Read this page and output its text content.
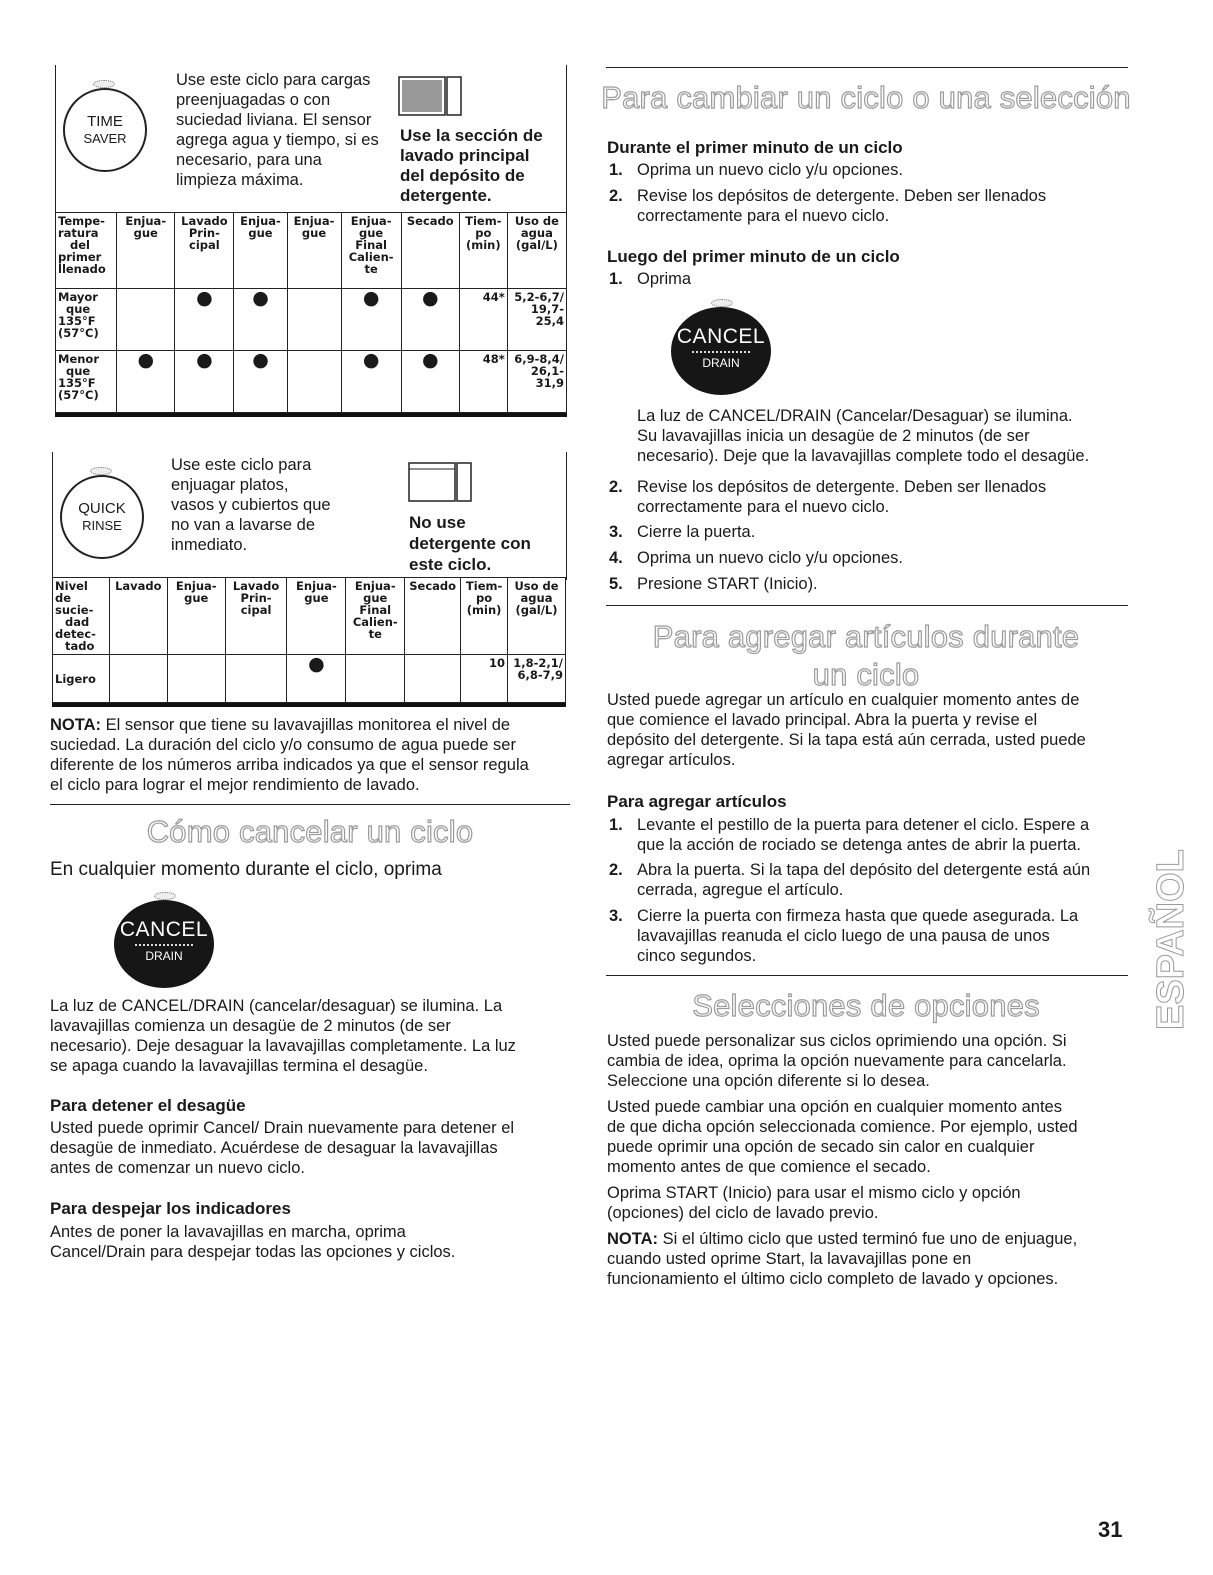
TIME
SAVER
Use este ciclo para cargas
preenjuagadas o con
suciedad liviana. El sensor
agrega agua y tiempo, si es
necesario, para una
limpieza máxima.
Use la sección de
lavado principal
del depósito de
detergente.
Tempe-
ratura
del
primer
llenado	Enjua-
gue	Lavado
Prin-
cipal	Enjua-
gue	Enjua-
gue	Enjua-
gue
Final
Calien-
te	Secado	Tiem-
po
(min)	Uso de
agua
(gal/L)
Mayor
que
135°F
(57°C)		●	●		●	●	44*	5,2-6,7/
19,7-25,4
Menor
que
135°F
(57°C)	●	●	●		●	●	48*	6,9-8,4/
26,1-31,9
QUICK
RINSE
Use este ciclo para
enjuagar platos,
vasos y cubiertos que
no van a lavarse de
inmediato.
No use
detergente con
este ciclo.
Nivel de
sucie-
dad
detec-
tado	Lavado	Enjua-
gue	Lavado
Prin-
cipal	Enjua-
gue	Enjua-
gue
Final
Calien-
te	Secado	Tiem-
po
(min)	Uso de
agua
(gal/L)
Ligero				●			10	1,8-2,1/
6,8-7,9
NOTA: El sensor que tiene su lavavajillas monitorea el nivel de
suciedad. La duración del ciclo y/o consumo de agua puede ser
diferente de los números arriba indicados ya que el sensor regula
el ciclo para lograr el mejor rendimiento de lavado.
Cómo cancelar un ciclo
En cualquier momento durante el ciclo, oprima
CANCEL
DRAIN
La luz de CANCEL/DRAIN (cancelar/desaguar) se ilumina. La
lavavajillas comienza un desagüe de 2 minutos (de ser
necesario). Deje desaguar la lavavajillas completamente. La luz
se apaga cuando la lavavajillas termina el desagüe.
Para detener el desagüe
Usted puede oprimir Cancel/ Drain nuevamente para detener el
desagüe de inmediato. Acuérdese de desaguar la lavavajillas
antes de comenzar un nuevo ciclo.
Para despejar los indicadores
Antes de poner la lavavajillas en marcha, oprima
Cancel/Drain para despejar todas las opciones y ciclos.
Para cambiar un ciclo o una selección
Durante el primer minuto de un ciclo
1. Oprima un nuevo ciclo y/u opciones.
2. Revise los depósitos de detergente. Deben ser llenados
correctamente para el nuevo ciclo.
Luego del primer minuto de un ciclo
1. Oprima
CANCEL
DRAIN
La luz de CANCEL/DRAIN (Cancelar/Desaguar) se ilumina.
Su lavavajillas inicia un desagüe de 2 minutos (de ser
necesario). Deje que la lavavajillas complete todo el desagüe.
2. Revise los depósitos de detergente. Deben ser llenados
correctamente para el nuevo ciclo.
3. Cierre la puerta.
4. Oprima un nuevo ciclo y/u opciones.
5. Presione START (Inicio).
Para agregar artículos durante
un ciclo
Usted puede agregar un artículo en cualquier momento antes de
que comience el lavado principal. Abra la puerta y revise el
depósito del detergente. Si la tapa está aún cerrada, usted puede
agregar artículos.
Para agregar artículos
1. Levante el pestillo de la puerta para detener el ciclo. Espere a
que la acción de rociado se detenga antes de abrir la puerta.
2. Abra la puerta. Si la tapa del depósito del detergente está aún
cerrada, agregue el artículo.
3. Cierre la puerta con firmeza hasta que quede asegurada. La
lavavajillas reanuda el ciclo luego de una pausa de unos
cinco segundos.
Selecciones de opciones
Usted puede personalizar sus ciclos oprimiendo una opción. Si
cambia de idea, oprima la opción nuevamente para cancelarla.
Seleccione una opción diferente si lo desea.
Usted puede cambiar una opción en cualquier momento antes
de que dicha opción seleccionada comience. Por ejemplo, usted
puede oprimir una opción de secado sin calor en cualquier
momento antes de que comience el secado.
Oprima START (Inicio) para usar el mismo ciclo y opción
(opciones) del ciclo de lavado previo.
NOTA: Si el último ciclo que usted terminó fue uno de enjuague,
cuando usted oprime Start, la lavavajillas pone en
funcionamiento el último ciclo completo de lavado y opciones.
ESPAÑOL
31
